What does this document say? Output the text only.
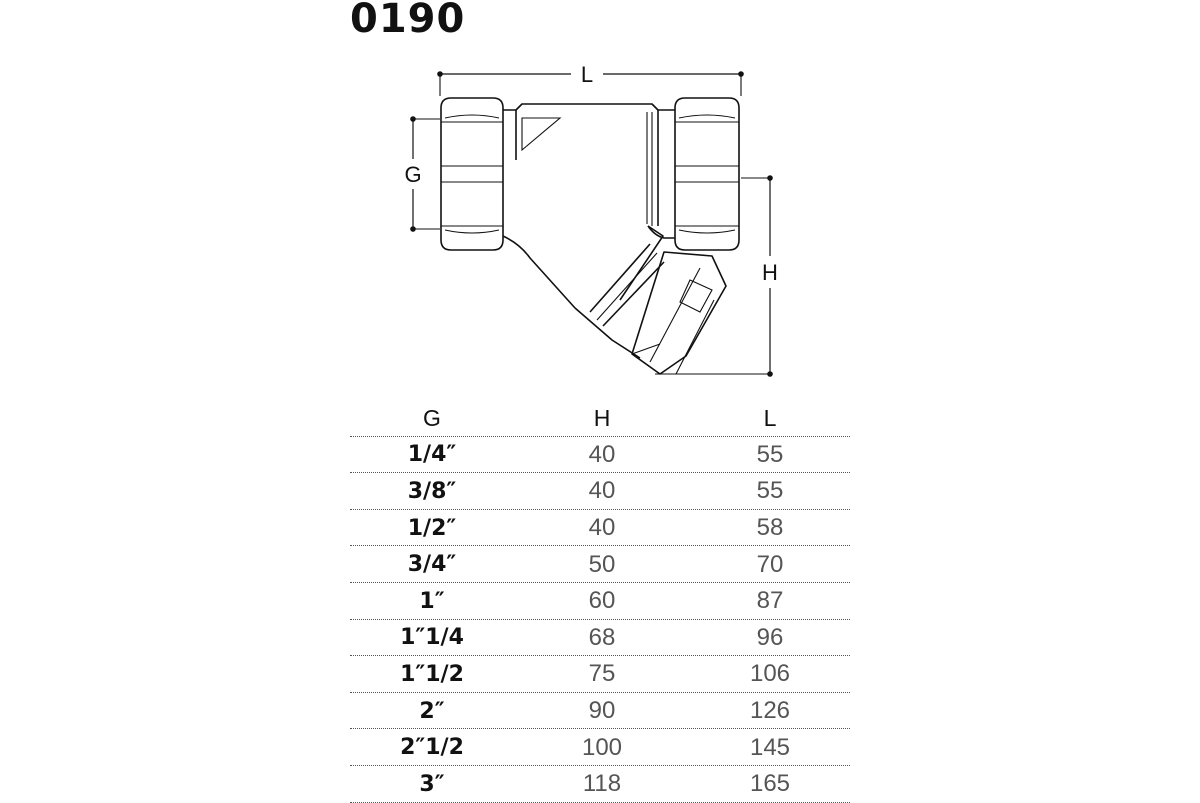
0190
L
G
H
G	H	L
1/4″	40	55
3/8″	40	55
1/2″	40	58
3/4″	50	70
1″	60	87
1″1/4	68	96
1″1/2	75	106
2″	90	126
2″1/2	100	145
3″	118	165
